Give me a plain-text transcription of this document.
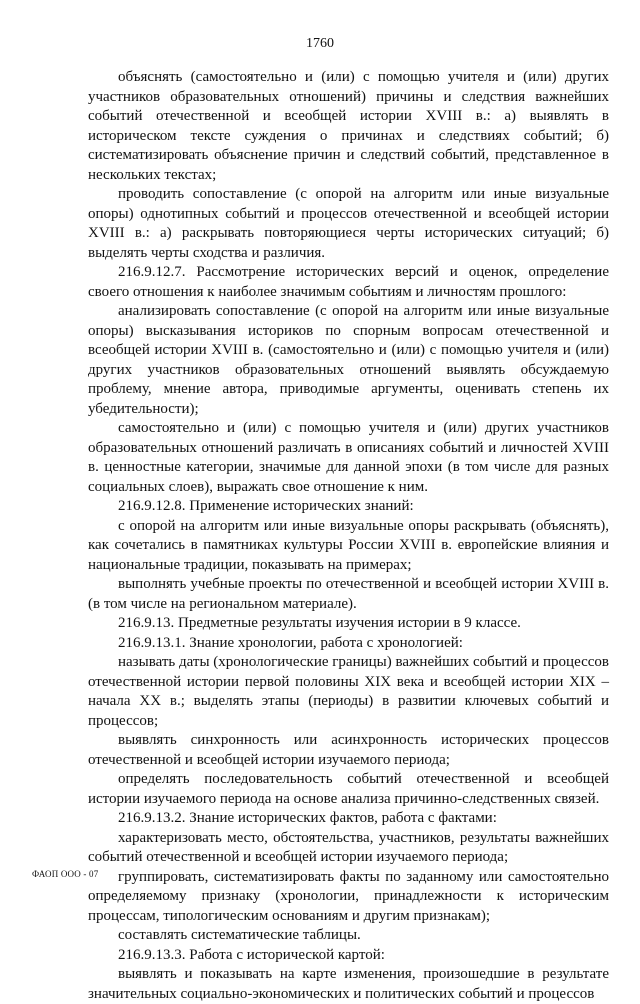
1760

объяснять (самостоятельно и (или) с помощью учителя и (или) других участников образовательных отношений) причины и следствия важнейших событий отечественной и всеобщей истории XVIII в.: а) выявлять в историческом тексте суждения о причинах и следствиях событий; б) систематизировать объяснение причин и следствий событий, представленное в нескольких текстах;

проводить сопоставление (с опорой на алгоритм или иные визуальные опоры) однотипных событий и процессов отечественной и всеобщей истории XVIII в.: а) раскрывать повторяющиеся черты исторических ситуаций; б) выделять черты сходства и различия.

216.9.12.7. Рассмотрение исторических версий и оценок, определение своего отношения к наиболее значимым событиям и личностям прошлого:

анализировать сопоставление (с опорой на алгоритм или иные визуальные опоры) высказывания историков по спорным вопросам отечественной и всеобщей истории XVIII в. (самостоятельно и (или) с помощью учителя и (или) других участников образовательных отношений выявлять обсуждаемую проблему, мнение автора, приводимые аргументы, оценивать степень их убедительности);

самостоятельно и (или) с помощью учителя и (или) других участников образовательных отношений различать в описаниях событий и личностей XVIII в. ценностные категории, значимые для данной эпохи (в том числе для разных социальных слоев), выражать свое отношение к ним.

216.9.12.8. Применение исторических знаний:

с опорой на алгоритм или иные визуальные опоры раскрывать (объяснять), как сочетались в памятниках культуры России XVIII в. европейские влияния и национальные традиции, показывать на примерах;

выполнять учебные проекты по отечественной и всеобщей истории XVIII в. (в том числе на региональном материале).

216.9.13. Предметные результаты изучения истории в 9 классе.

216.9.13.1. Знание хронологии, работа с хронологией:

называть даты (хронологические границы) важнейших событий и процессов отечественной истории первой половины XIX века и всеобщей истории XIX – начала XX в.; выделять этапы (периоды) в развитии ключевых событий и процессов;

выявлять синхронность или асинхронность исторических процессов отечественной и всеобщей истории изучаемого периода;

определять последовательность событий отечественной и всеобщей истории изучаемого периода на основе анализа причинно-следственных связей.

216.9.13.2. Знание исторических фактов, работа с фактами:

характеризовать место, обстоятельства, участников, результаты важнейших событий отечественной и всеобщей истории изучаемого периода;

группировать, систематизировать факты по заданному или самостоятельно определяемому признаку (хронологии, принадлежности к историческим процессам, типологическим основаниям и другим признакам);

составлять систематические таблицы.

216.9.13.3. Работа с исторической картой:

выявлять и показывать на карте изменения, произошедшие в результате значительных социально-экономических и политических событий и процессов

ФАОП ООО - 07
